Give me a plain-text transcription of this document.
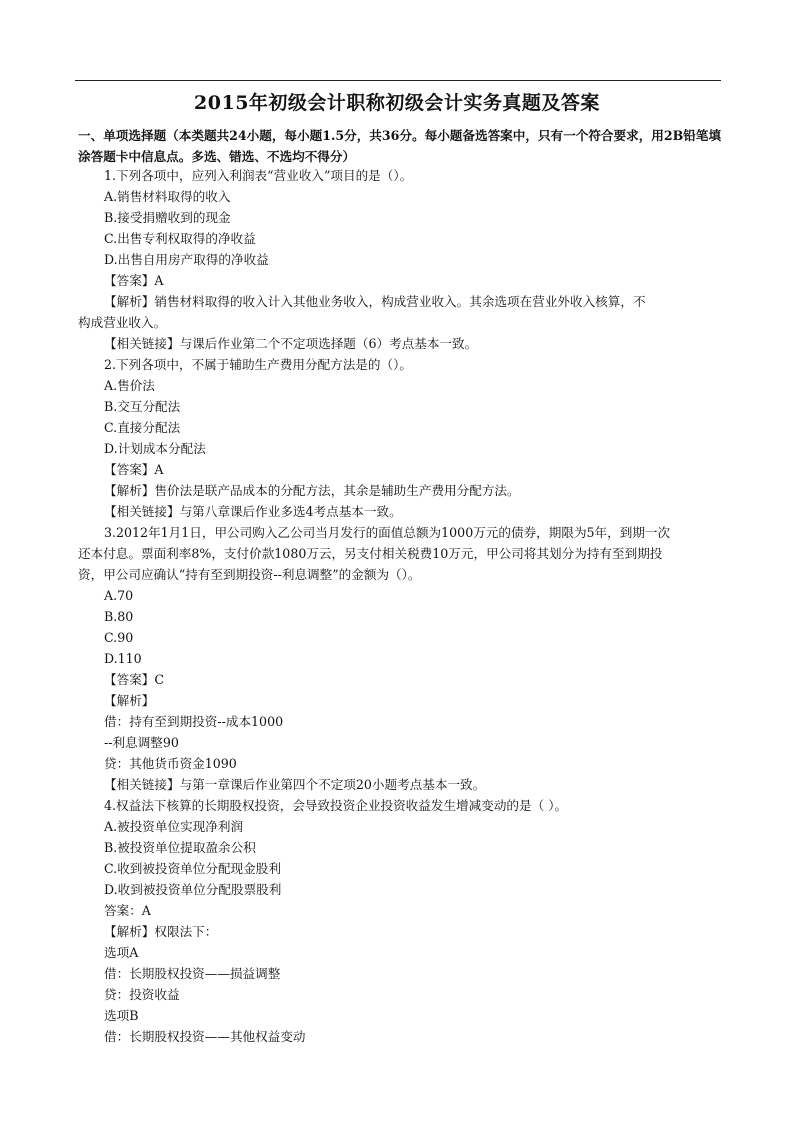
2015年初级会计职称初级会计实务真题及答案
一、单项选择题（本类题共24小题，每小题1.5分，共36分。每小题备选答案中，只有一个符合要求，用2B铅笔填涂答题卡中信息点。多选、错选、不选均不得分）
1.下列各项中，应列入利润表“营业收入”项目的是（）。
A.销售材料取得的收入
B.接受捐赠收到的现金
C.出售专利权取得的净收益
D.出售自用房产取得的净收益
【答案】A
【解析】销售材料取得的收入计入其他业务收入，构成营业收入。其余选项在营业外收入核算，不
构成营业收入。
【相关链接】与课后作业第二个不定项选择题（6）考点基本一致。
2.下列各项中，不属于辅助生产费用分配方法是的（）。
A.售价法
B.交互分配法
C.直接分配法
D.计划成本分配法
【答案】A
【解析】售价法是联产品成本的分配方法，其余是辅助生产费用分配方法。
【相关链接】与第八章课后作业多选4考点基本一致。
3.2012年1月1日，甲公司购入乙公司当月发行的面值总额为1000万元的债券，期限为5年，到期一次
还本付息。票面利率8%，支付价款1080万云，另支付相关税费10万元，甲公司将其划分为持有至到期投
资，甲公司应确认“持有至到期投资--利息调整”的金额为（）。
A.70
B.80
C.90
D.110
【答案】C
【解析】
借：持有至到期投资--成本1000
--利息调整90
贷：其他货币资金1090
【相关链接】与第一章课后作业第四个不定项20小题考点基本一致。
4.权益法下核算的长期股权投资，会导致投资企业投资收益发生增减变动的是（ ）。
A.被投资单位实现净利润
B.被投资单位提取盈余公积
C.收到被投资单位分配现金股利
D.收到被投资单位分配股票股利
答案：A
【解析】权限法下：
选项A
借：长期股权投资——损益调整
贷：投资收益
选项B
借：长期股权投资——其他权益变动
